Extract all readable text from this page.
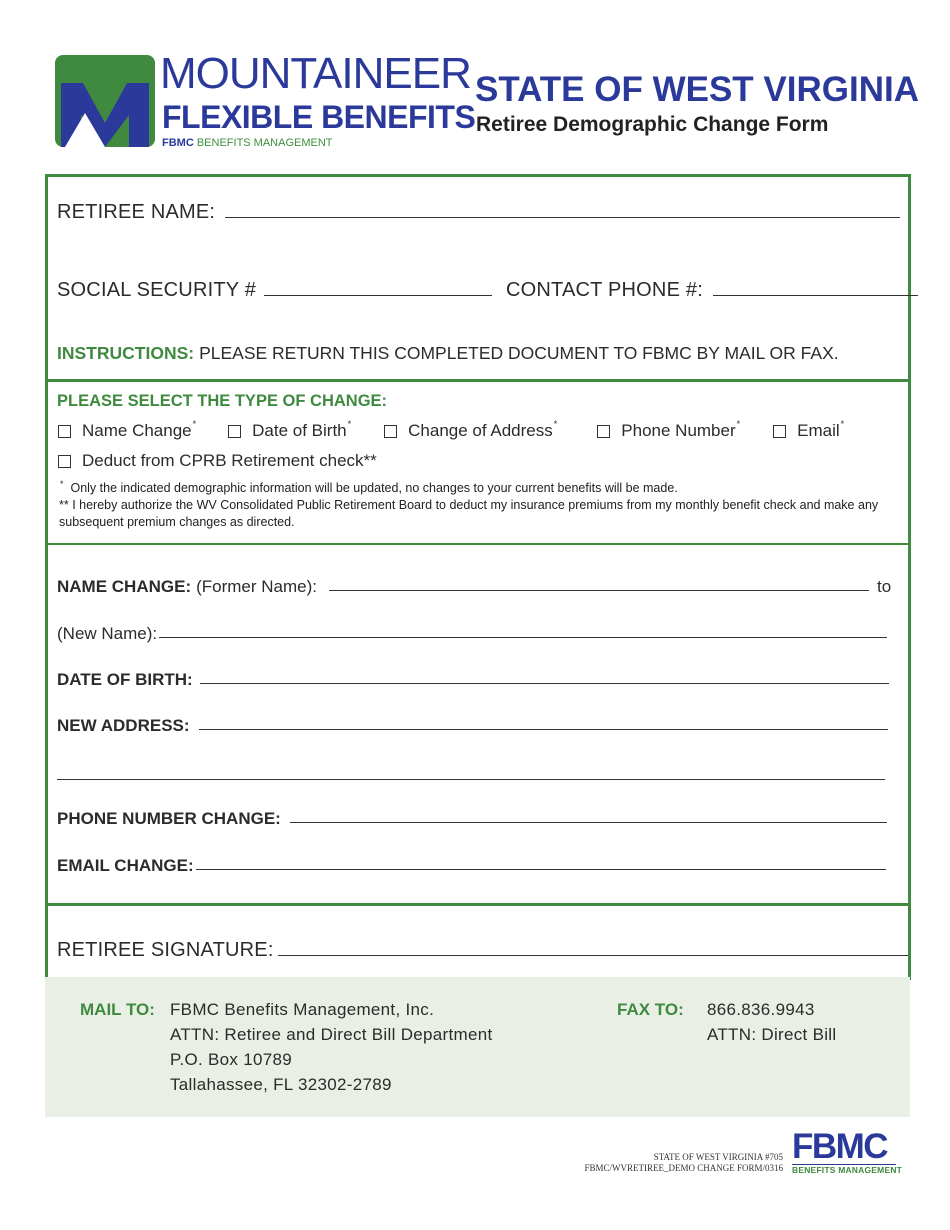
MOUNTAINEER
FLEXIBLE BENEFITS
FBMC BENEFITS MANAGEMENT
STATE OF WEST VIRGINIA
Retiree Demographic Change Form
RETIREE NAME:
SOCIAL SECURITY #	CONTACT PHONE #:
INSTRUCTIONS: PLEASE RETURN THIS COMPLETED DOCUMENT TO FBMC BY MAIL OR FAX.
PLEASE SELECT THE TYPE OF CHANGE:
Name Change *	Date of Birth *	Change of Address *	Phone Number *	Email *
Deduct from CPRB Retirement check**
* Only the indicated demographic information will be updated, no changes to your current benefits will be made.
** I hereby authorize the WV Consolidated Public Retirement Board to deduct my insurance premiums from my monthly benefit check and make any subsequent premium changes as directed.
NAME CHANGE: (Former Name):	to
(New Name):
DATE OF BIRTH:
NEW ADDRESS:
PHONE NUMBER CHANGE:
EMAIL CHANGE:
RETIREE SIGNATURE:
MAIL TO: FBMC Benefits Management, Inc.
ATTN: Retiree and Direct Bill Department
P.O. Box 10789
Tallahassee, FL 32302-2789
FAX TO: 866.836.9943
ATTN: Direct Bill
STATE OF WEST VIRGINIA #705
FBMC/WVRETIREE_DEMO CHANGE FORM/0316
FBMC
BENEFITS MANAGEMENT
